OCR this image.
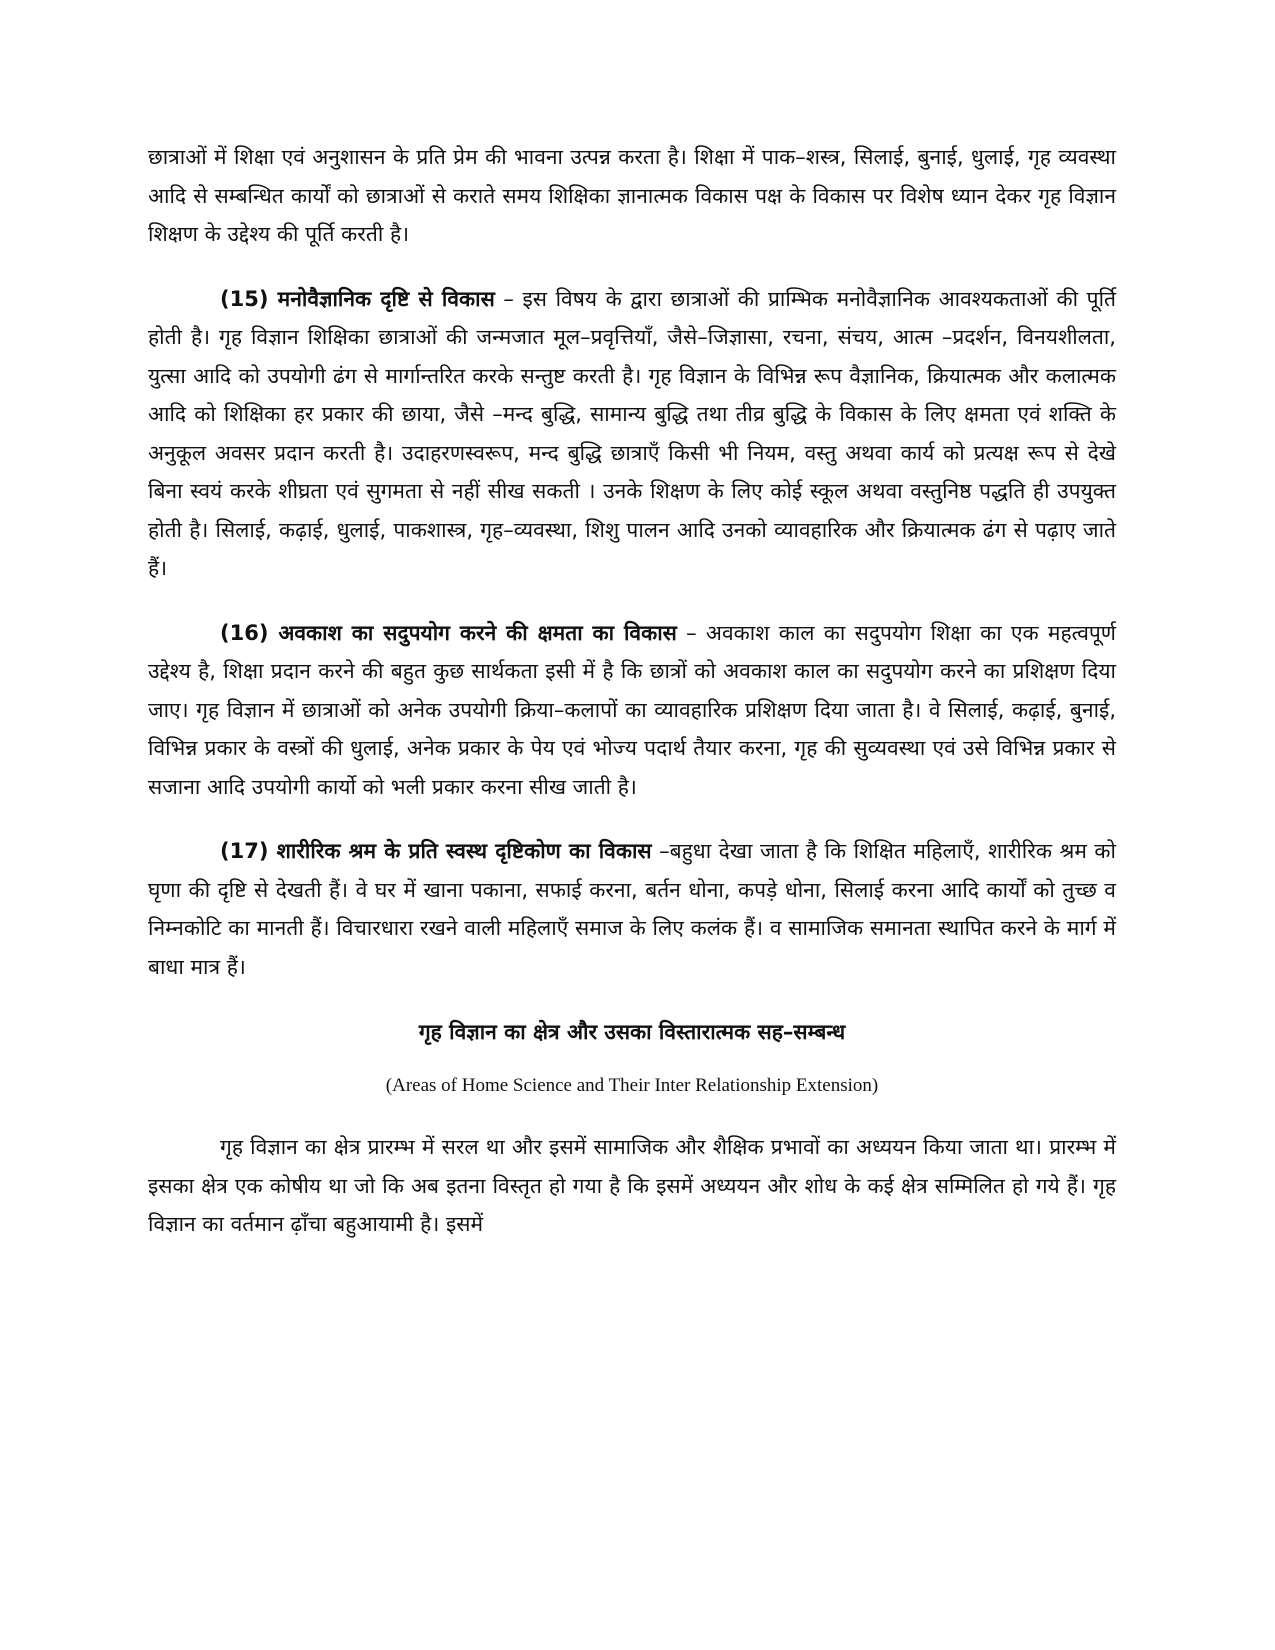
छात्राओं में शिक्षा एवं अनुशासन के प्रति प्रेम की भावना उत्पन्न करता है। शिक्षा में पाक–शस्त्र, सिलाई, बुनाई, धुलाई, गृह व्यवस्था आदि से सम्बन्धित कार्यों को छात्राओं से कराते समय शिक्षिका ज्ञानात्मक विकास पक्ष के विकास पर विशेष ध्यान देकर गृह विज्ञान शिक्षण के उद्देश्य की पूर्ति करती है।

(15) मनोवैज्ञानिक दृष्टि से विकास – इस विषय के द्वारा छात्राओं की प्राम्भिक मनोवैज्ञानिक आवश्यकताओं की पूर्ति होती है। गृह विज्ञान शिक्षिका छात्राओं की जन्मजात मूल–प्रवृत्तियाँ, जैसे–जिज्ञासा, रचना, संचय, आत्म –प्रदर्शन, विनयशीलता, युत्सा आदि को उपयोगी ढंग से मार्गान्तरित करके सन्तुष्ट करती है। गृह विज्ञान के विभिन्न रूप वैज्ञानिक, क्रियात्मक और कलात्मक आदि को शिक्षिका हर प्रकार की छाया, जैसे –मन्द बुद्धि, सामान्य बुद्धि तथा तीव्र बुद्धि के विकास के लिए क्षमता एवं शक्ति के अनुकूल अवसर प्रदान करती है। उदाहरणस्वरूप, मन्द बुद्धि छात्राएँ किसी भी नियम, वस्तु अथवा कार्य को प्रत्यक्ष रूप से देखे बिना स्वयं करके शीघ्रता एवं सुगमता से नहीं सीख सकती । उनके शिक्षण के लिए कोई स्कूल अथवा वस्तुनिष्ठ पद्धति ही उपयुक्त होती है। सिलाई, कढ़ाई, धुलाई, पाकशास्त्र, गृह–व्यवस्था, शिशु पालन आदि उनको व्यावहारिक और क्रियात्मक ढंग से पढ़ाए जाते हैं।

(16) अवकाश का सदुपयोग करने की क्षमता का विकास – अवकाश काल का सदुपयोग शिक्षा का एक महत्वपूर्ण उद्देश्य है, शिक्षा प्रदान करने की बहुत कुछ सार्थकता इसी में है कि छात्रों को अवकाश काल का सदुपयोग करने का प्रशिक्षण दिया जाए। गृह विज्ञान में छात्राओं को अनेक उपयोगी क्रिया–कलापों का व्यावहारिक प्रशिक्षण दिया जाता है। वे सिलाई, कढ़ाई, बुनाई, विभिन्न प्रकार के वस्त्रों की धुलाई, अनेक प्रकार के पेय एवं भोज्य पदार्थ तैयार करना, गृह की सुव्यवस्था एवं उसे विभिन्न प्रकार से सजाना आदि उपयोगी कार्यो को भली प्रकार करना सीख जाती है।

(17) शारीरिक श्रम के प्रति स्वस्थ दृष्टिकोण का विकास –बहुधा देखा जाता है कि शिक्षित महिलाएँ, शारीरिक श्रम को घृणा की दृष्टि से देखती हैं। वे घर में खाना पकाना, सफाई करना, बर्तन धोना, कपड़े धोना, सिलाई करना आदि कार्यों को तुच्छ व निम्नकोटि का मानती हैं। विचारधारा रखने वाली महिलाएँ समाज के लिए कलंक हैं। व सामाजिक समानता स्थापित करने के मार्ग में बाधा मात्र हैं।

गृह विज्ञान का क्षेत्र और उसका विस्तारात्मक सह–सम्बन्ध

(Areas of Home Science and Their Inter Relationship Extension)

गृह विज्ञान का क्षेत्र प्रारम्भ में सरल था और इसमें सामाजिक और शैक्षिक प्रभावों का अध्ययन किया जाता था। प्रारम्भ में इसका क्षेत्र एक कोषीय था जो कि अब इतना विस्तृत हो गया है कि इसमें अध्ययन और शोध के कई क्षेत्र सम्मिलित हो गये हैं। गृह विज्ञान का वर्तमान ढ़ाँचा बहुआयामी है। इसमें
